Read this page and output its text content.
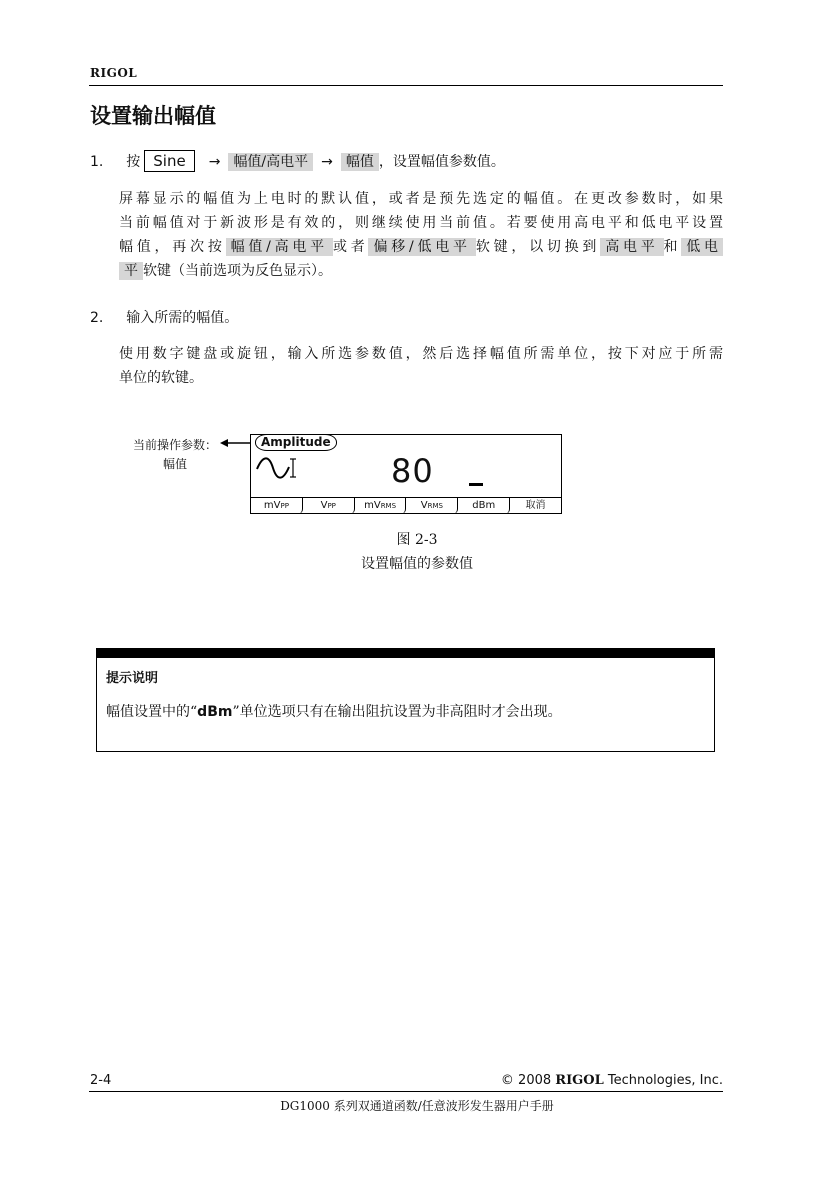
RIGOL
设置输出幅值
1. 按 Sine → 幅值/高电平 → 幅值 ，设置幅值参数值。
屏幕显示的幅值为上电时的默认值，或者是预先选定的幅值。在更改参数时，如果
当前幅值对于新波形是有效的，则继续使用当前值。若要使用高电平和低电平设置
幅值，再次按 幅值/高电平 或者 偏移/低电平 软键，以切换到 高电平 和 低电
平 软键（当前选项为反色显示）。
2. 输入所需的幅值。
使用数字键盘或旋钮，输入所选参数值，然后选择幅值所需单位，按下对应于所需
单位的软键。
当前操作参数：
幅值
Amplitude
80
mVPP	VPP	mVRMS	VRMS	dBm	取消
图 2-3
设置幅值的参数值
提示说明
幅值设置中的“dBm”单位选项只有在输出阻抗设置为非高阻时才会出现。
2-4	© 2008 RIGOL Technologies, Inc.
DG1000 系列双通道函数/任意波形发生器用户手册
